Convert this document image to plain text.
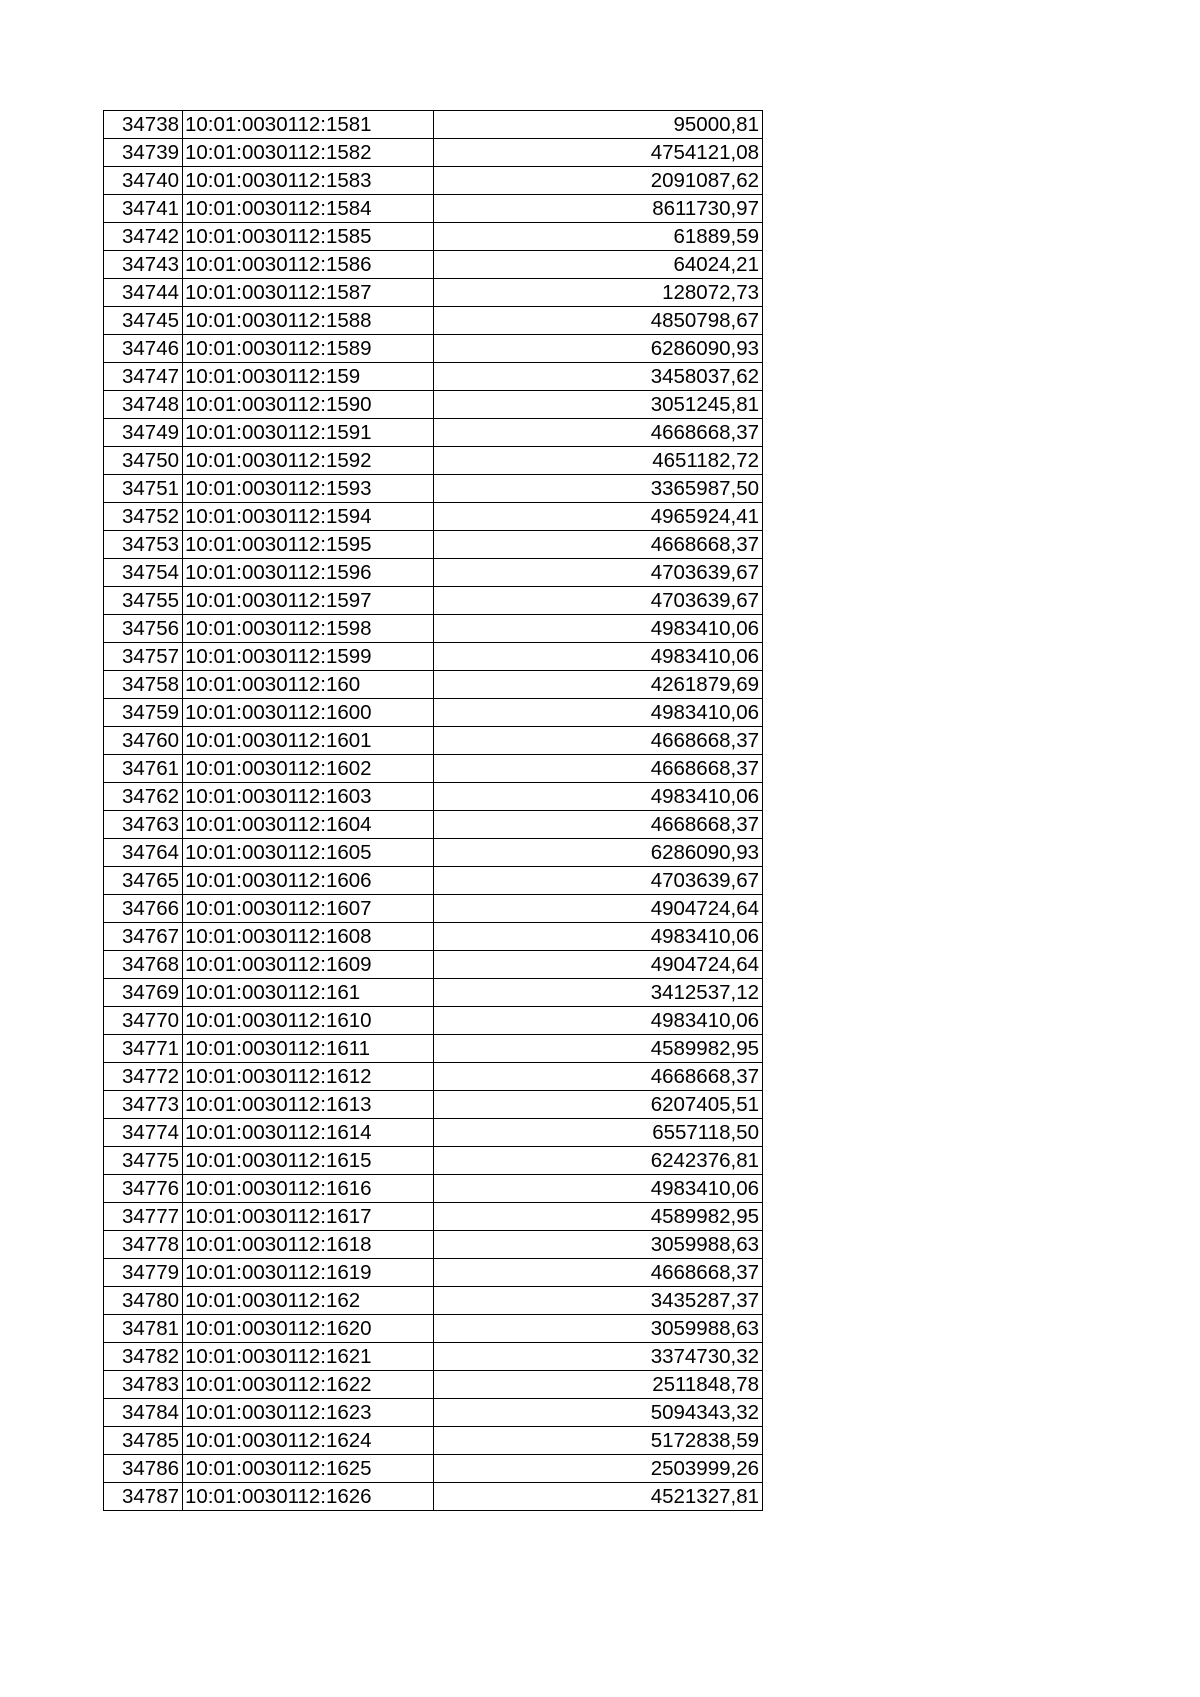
34738	10:01:0030112:1581	95000,81
34739	10:01:0030112:1582	4754121,08
34740	10:01:0030112:1583	2091087,62
34741	10:01:0030112:1584	8611730,97
34742	10:01:0030112:1585	61889,59
34743	10:01:0030112:1586	64024,21
34744	10:01:0030112:1587	128072,73
34745	10:01:0030112:1588	4850798,67
34746	10:01:0030112:1589	6286090,93
34747	10:01:0030112:159	3458037,62
34748	10:01:0030112:1590	3051245,81
34749	10:01:0030112:1591	4668668,37
34750	10:01:0030112:1592	4651182,72
34751	10:01:0030112:1593	3365987,50
34752	10:01:0030112:1594	4965924,41
34753	10:01:0030112:1595	4668668,37
34754	10:01:0030112:1596	4703639,67
34755	10:01:0030112:1597	4703639,67
34756	10:01:0030112:1598	4983410,06
34757	10:01:0030112:1599	4983410,06
34758	10:01:0030112:160	4261879,69
34759	10:01:0030112:1600	4983410,06
34760	10:01:0030112:1601	4668668,37
34761	10:01:0030112:1602	4668668,37
34762	10:01:0030112:1603	4983410,06
34763	10:01:0030112:1604	4668668,37
34764	10:01:0030112:1605	6286090,93
34765	10:01:0030112:1606	4703639,67
34766	10:01:0030112:1607	4904724,64
34767	10:01:0030112:1608	4983410,06
34768	10:01:0030112:1609	4904724,64
34769	10:01:0030112:161	3412537,12
34770	10:01:0030112:1610	4983410,06
34771	10:01:0030112:1611	4589982,95
34772	10:01:0030112:1612	4668668,37
34773	10:01:0030112:1613	6207405,51
34774	10:01:0030112:1614	6557118,50
34775	10:01:0030112:1615	6242376,81
34776	10:01:0030112:1616	4983410,06
34777	10:01:0030112:1617	4589982,95
34778	10:01:0030112:1618	3059988,63
34779	10:01:0030112:1619	4668668,37
34780	10:01:0030112:162	3435287,37
34781	10:01:0030112:1620	3059988,63
34782	10:01:0030112:1621	3374730,32
34783	10:01:0030112:1622	2511848,78
34784	10:01:0030112:1623	5094343,32
34785	10:01:0030112:1624	5172838,59
34786	10:01:0030112:1625	2503999,26
34787	10:01:0030112:1626	4521327,81
